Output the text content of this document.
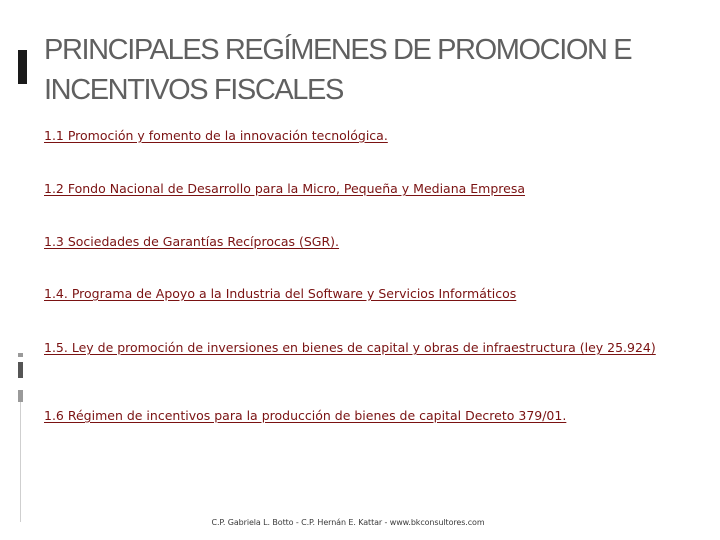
PRINCIPALES REGÍMENES DE PROMOCION E INCENTIVOS FISCALES
1.1 Promoción y fomento de la innovación tecnológica.
1.2 Fondo Nacional de Desarrollo para la Micro, Pequeña y Mediana Empresa
1.3 Sociedades de Garantías Recíprocas (SGR).
1.4. Programa de Apoyo a la Industria del Software y Servicios Informáticos
1.5. Ley de promoción de inversiones en bienes de capital y obras de infraestructura (ley 25.924)
1.6 Régimen de incentivos para la producción de bienes de capital Decreto 379/01.
C.P. Gabriela L. Botto - C.P. Hernán E. Kattar - www.bkconsultores.com
